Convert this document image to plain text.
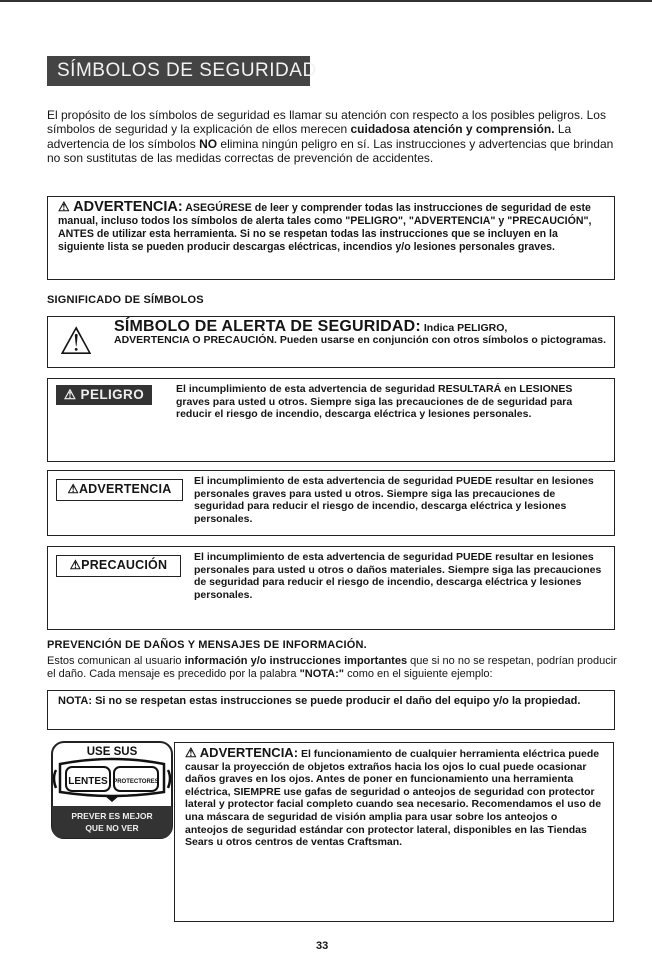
SÍMBOLOS DE SEGURIDAD
El propósito de los símbolos de seguridad es llamar su atención con respecto a los posibles peligros. Los símbolos de seguridad y la explicación de ellos merecen cuidadosa atención y comprensión. La advertencia de los símbolos NO elimina ningún peligro en sí. Las instrucciones y advertencias que brindan no son sustitutas de las medidas correctas de prevención de accidentes.
⚠ ADVERTENCIA: ASEGÚRESE de leer y comprender todas las instrucciones de seguridad de este manual, incluso todos los símbolos de alerta tales como "PELIGRO", "ADVERTENCIA" y "PRECAUCIÓN", ANTES de utilizar esta herramienta. Si no se respetan todas las instrucciones que se incluyen en la siguiente lista se pueden producir descargas eléctricas, incendios y/o lesiones personales graves.
SIGNIFICADO DE SÍMBOLOS
⚠ SÍMBOLO DE ALERTA DE SEGURIDAD: Indica PELIGRO,
ADVERTENCIA O PRECAUCIÓN. Pueden usarse en conjunción con otros símbolos o pictogramas.
⚠ PELIGRO	El incumplimiento de esta advertencia de seguridad RESULTARÁ en LESIONES graves para usted u otros. Siempre siga las precauciones de de seguridad para reducir el riesgo de incendio, descarga eléctrica y lesiones personales.
⚠ADVERTENCIA
El incumplimiento de esta advertencia de seguridad PUEDE resultar en lesiones personales graves para usted u otros. Siempre siga las precauciones de seguridad para reducir el riesgo de incendio, descarga eléctrica y lesiones personales.
⚠PRECAUCIÓN
El incumplimiento de esta advertencia de seguridad PUEDE resultar en lesiones personales para usted u otros o daños materiales. Siempre siga las precauciones de seguridad para reducir el riesgo de incendio, descarga eléctrica y lesiones personales.
PREVENCIÓN DE DAÑOS Y MENSAJES DE INFORMACIÓN.
Estos comunican al usuario información y/o instrucciones importantes que si no no se respetan, podrían producir el daño. Cada mensaje es precedido por la palabra "NOTA:" como en el siguiente ejemplo:
NOTA: Si no se respetan estas instrucciones se puede producir el daño del equipo y/o la propiedad.
USE SUS
LENTES PROTECTORES
PREVER ES MEJOR
QUE NO VER
⚠ ADVERTENCIA: El funcionamiento de cualquier herramienta eléctrica puede causar la proyección de objetos extraños hacia los ojos lo cual puede ocasionar daños graves en los ojos. Antes de poner en funcionamiento una herramienta eléctrica, SIEMPRE use gafas de seguridad o anteojos de seguridad con protector lateral y protector facial completo cuando sea necesario. Recomendamos el uso de una máscara de seguridad de visión amplia para usar sobre los anteojos o anteojos de seguridad estándar con protector lateral, disponibles en las Tiendas Sears u otros centros de ventas Craftsman.
33
